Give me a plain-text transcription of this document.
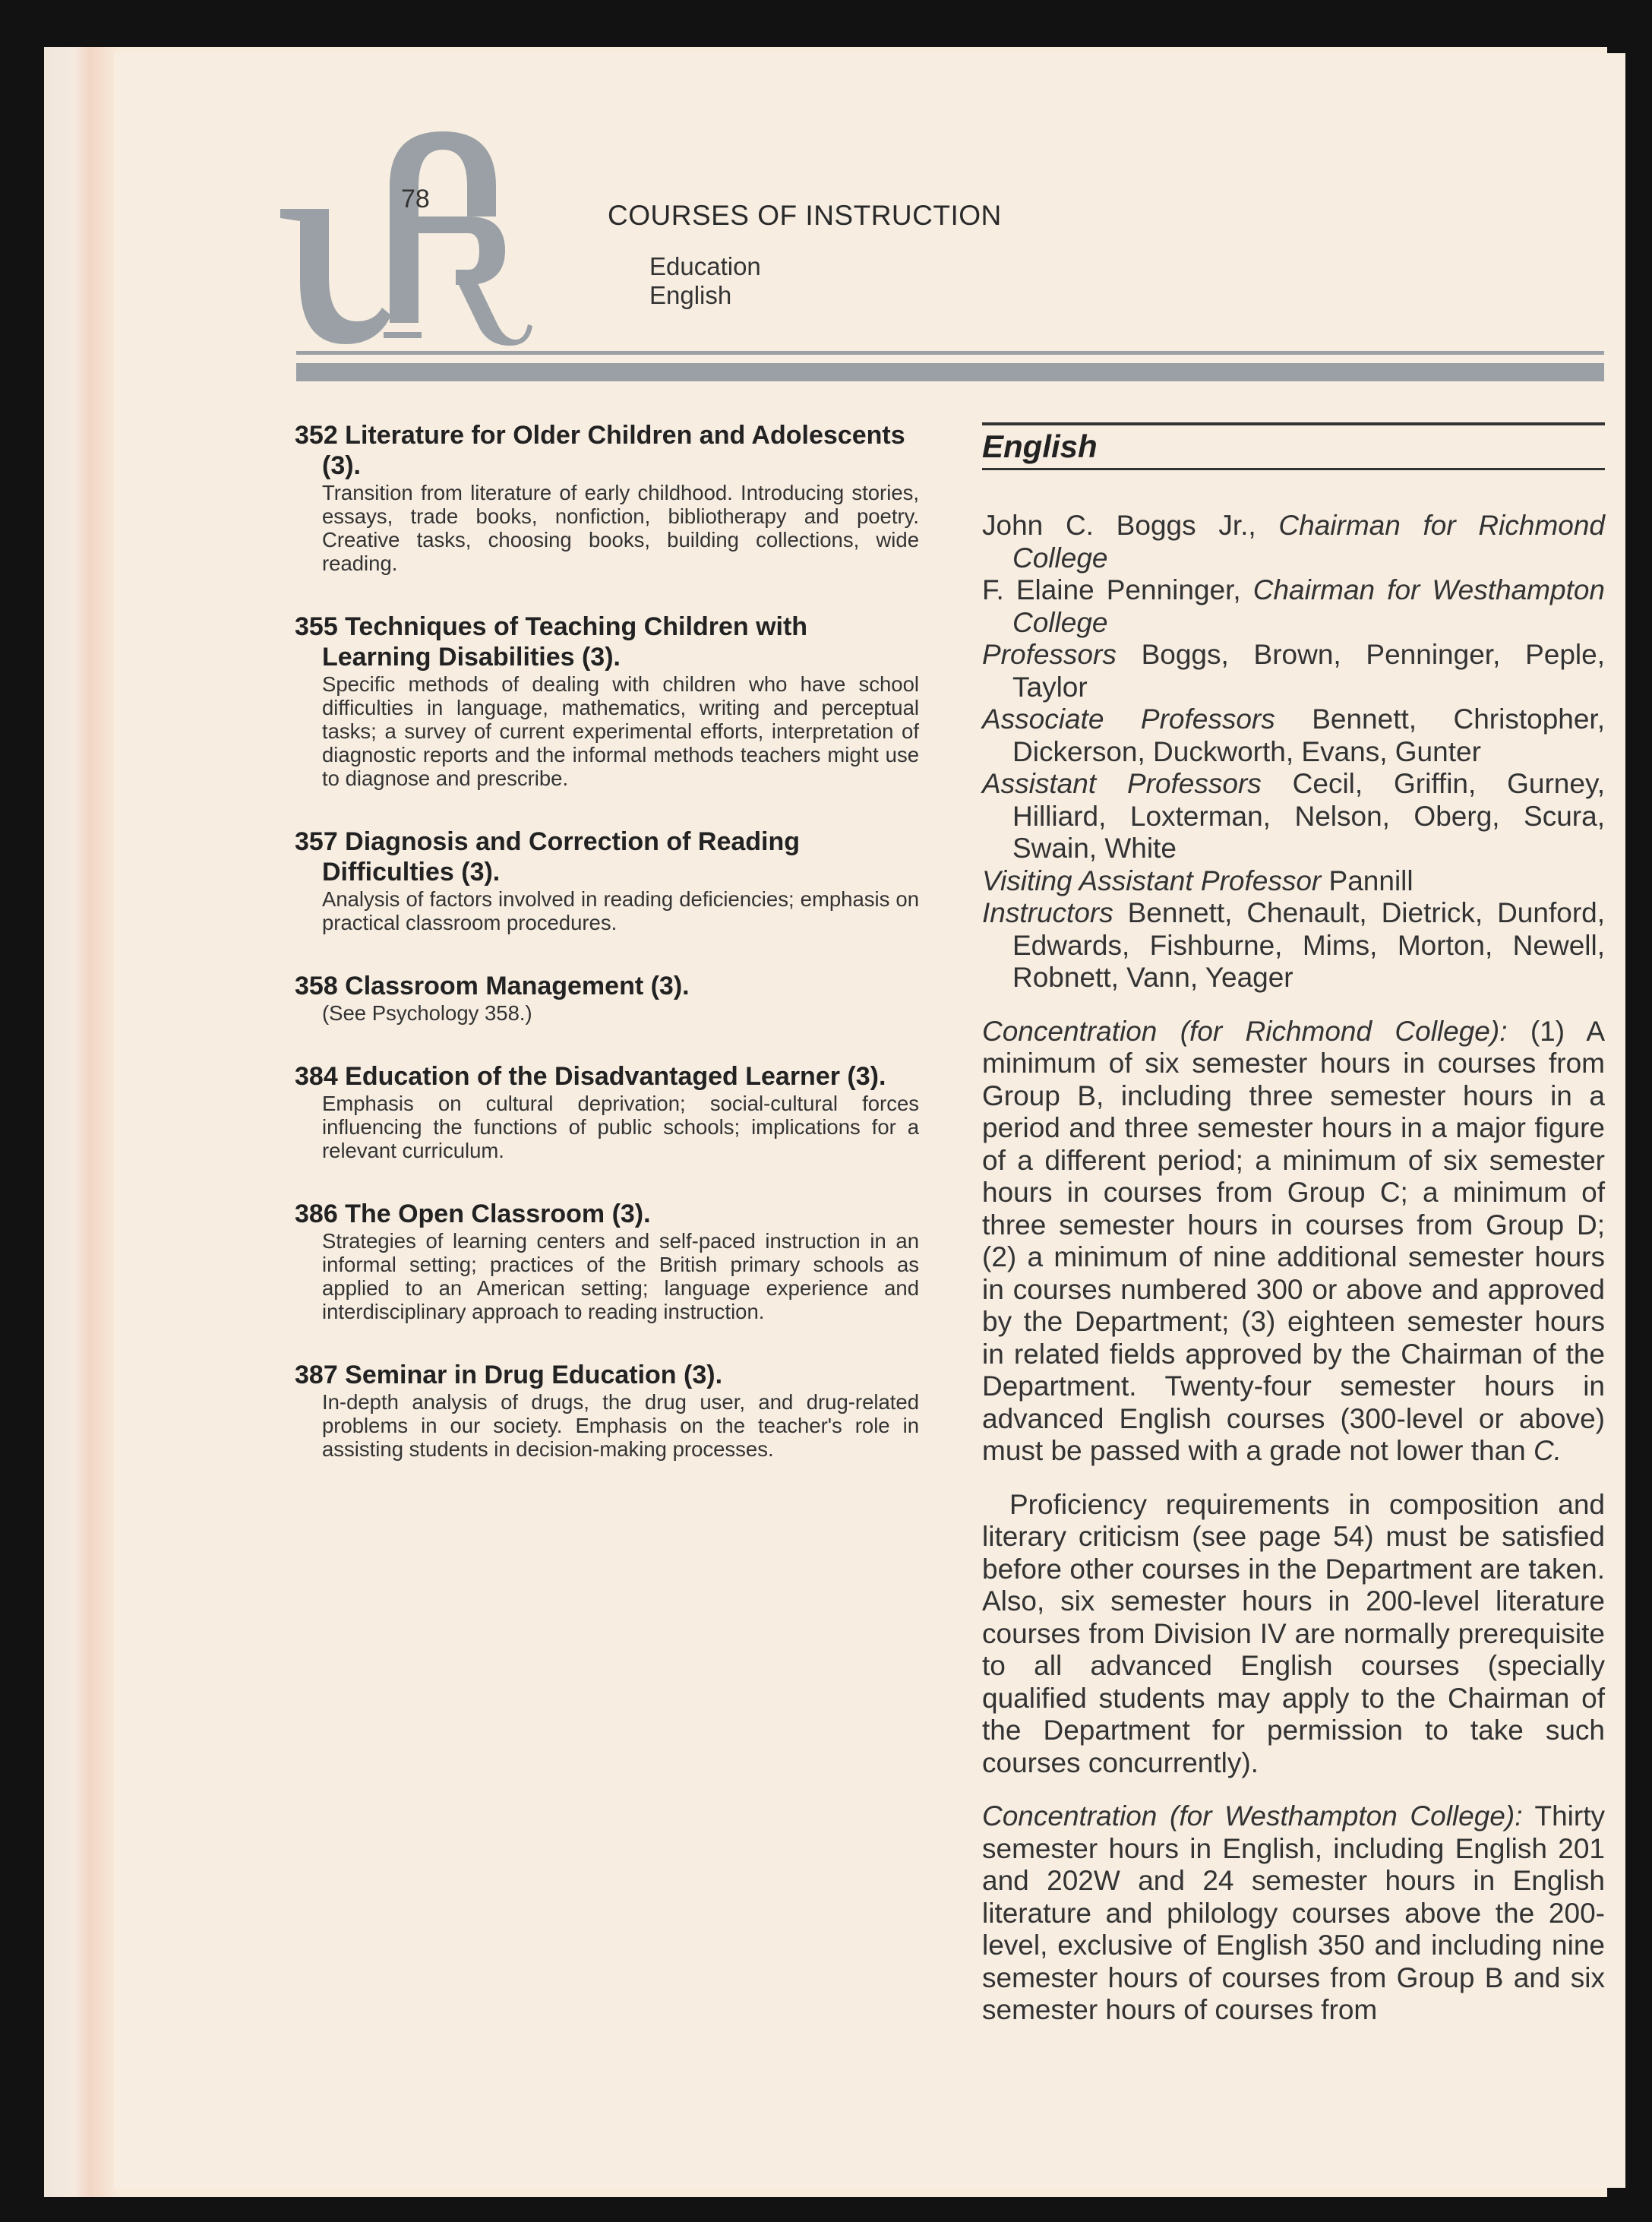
78
COURSES OF INSTRUCTION
Education
English
352 Literature for Older Children and Adolescents (3).
Transition from literature of early childhood. Introducing stories, essays, trade books, nonfiction, bibliotherapy and poetry. Creative tasks, choosing books, building collections, wide reading.
355 Techniques of Teaching Children with Learning Disabilities (3).
Specific methods of dealing with children who have school difficulties in language, mathematics, writing and perceptual tasks; a survey of current experimental efforts, interpretation of diagnostic reports and the informal methods teachers might use to diagnose and prescribe.
357 Diagnosis and Correction of Reading Difficulties (3).
Analysis of factors involved in reading deficiencies; emphasis on practical classroom procedures.
358 Classroom Management (3).
(See Psychology 358.)
384 Education of the Disadvantaged Learner (3).
Emphasis on cultural deprivation; social-cultural forces influencing the functions of public schools; implications for a relevant curriculum.
386 The Open Classroom (3).
Strategies of learning centers and self-paced instruction in an informal setting; practices of the British primary schools as applied to an American setting; language experience and interdisciplinary approach to reading instruction.
387 Seminar in Drug Education (3).
In-depth analysis of drugs, the drug user, and drug-related problems in our society. Emphasis on the teacher's role in assisting students in decision-making processes.
English
John C. Boggs Jr., Chairman for Richmond College
F. Elaine Penninger, Chairman for Westhampton College
Professors Boggs, Brown, Penninger, Peple, Taylor
Associate Professors Bennett, Christopher, Dickerson, Duckworth, Evans, Gunter
Assistant Professors Cecil, Griffin, Gurney, Hilliard, Loxterman, Nelson, Oberg, Scura, Swain, White
Visiting Assistant Professor Pannill
Instructors Bennett, Chenault, Dietrick, Dunford, Edwards, Fishburne, Mims, Morton, Newell, Robnett, Vann, Yeager
Concentration (for Richmond College): (1) A minimum of six semester hours in courses from Group B, including three semester hours in a period and three semester hours in a major figure of a different period; a minimum of six semester hours in courses from Group C; a minimum of three semester hours in courses from Group D; (2) a minimum of nine additional semester hours in courses numbered 300 or above and approved by the Department; (3) eighteen semester hours in related fields approved by the Chairman of the Department. Twenty-four semester hours in advanced English courses (300-level or above) must be passed with a grade not lower than C.
Proficiency requirements in composition and literary criticism (see page 54) must be satisfied before other courses in the Department are taken. Also, six semester hours in 200-level literature courses from Division IV are normally prerequisite to all advanced English courses (specially qualified students may apply to the Chairman of the Department for permission to take such courses concurrently).
Concentration (for Westhampton College): Thirty semester hours in English, including English 201 and 202W and 24 semester hours in English literature and philology courses above the 200-level, exclusive of English 350 and including nine semester hours of courses from Group B and six semester hours of courses from
